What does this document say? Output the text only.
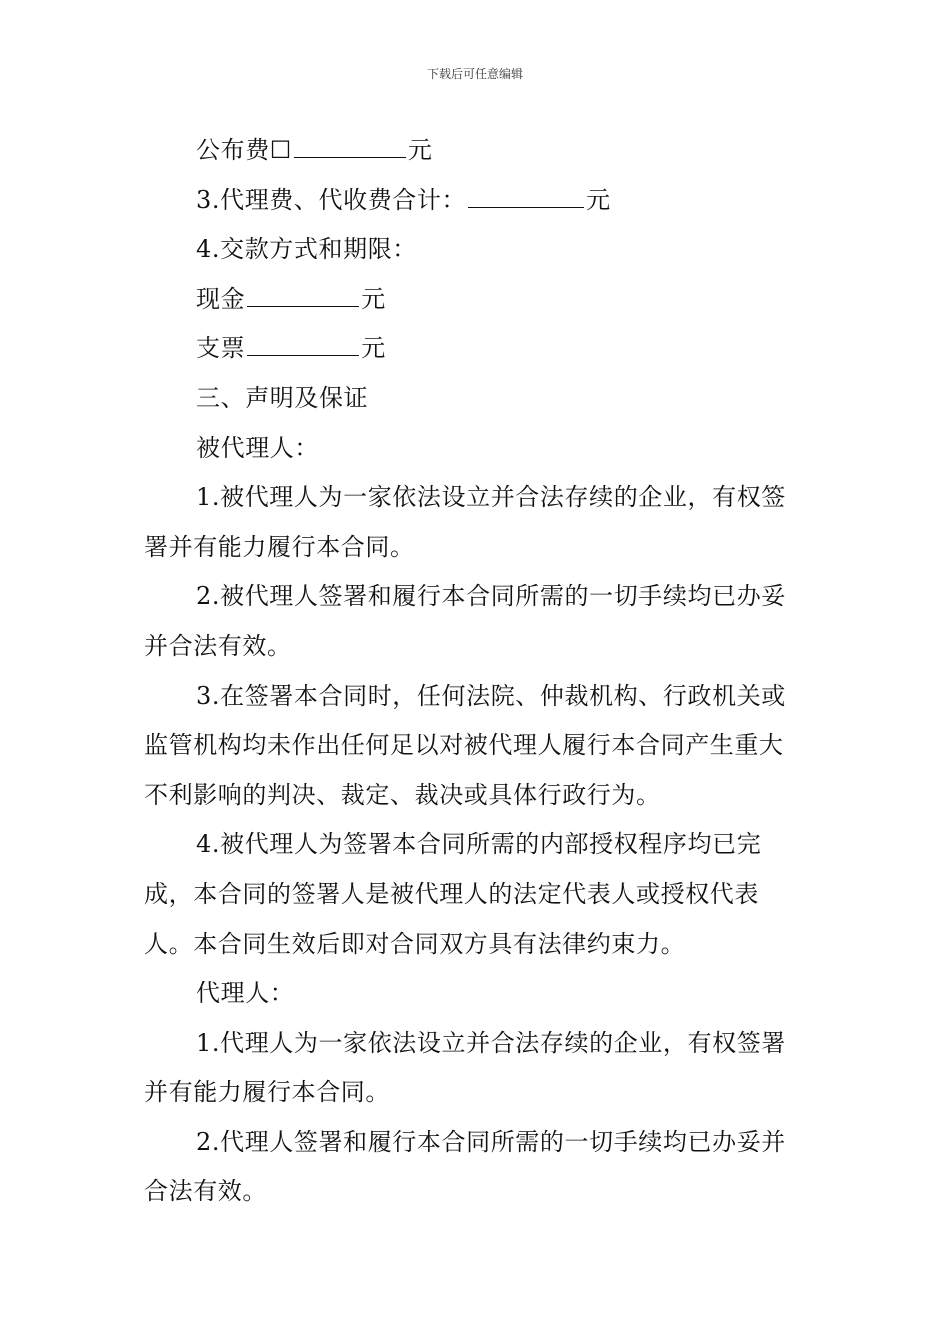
下载后可任意编辑

公布费☐	元

3.代理费、代收费合计：	元

4.交款方式和期限：

现金	元

支票	元

三、声明及保证

被代理人：

1.被代理人为一家依法设立并合法存续的企业，有权签署并有能力履行本合同。

2.被代理人签署和履行本合同所需的一切手续均已办妥并合法有效。

3.在签署本合同时，任何法院、仲裁机构、行政机关或监管机构均未作出任何足以对被代理人履行本合同产生重大不利影响的判决、裁定、裁决或具体行政行为。

4.被代理人为签署本合同所需的内部授权程序均已完成，本合同的签署人是被代理人的法定代表人或授权代表人。本合同生效后即对合同双方具有法律约束力。

代理人：

1.代理人为一家依法设立并合法存续的企业，有权签署并有能力履行本合同。

2.代理人签署和履行本合同所需的一切手续均已办妥并合法有效。
